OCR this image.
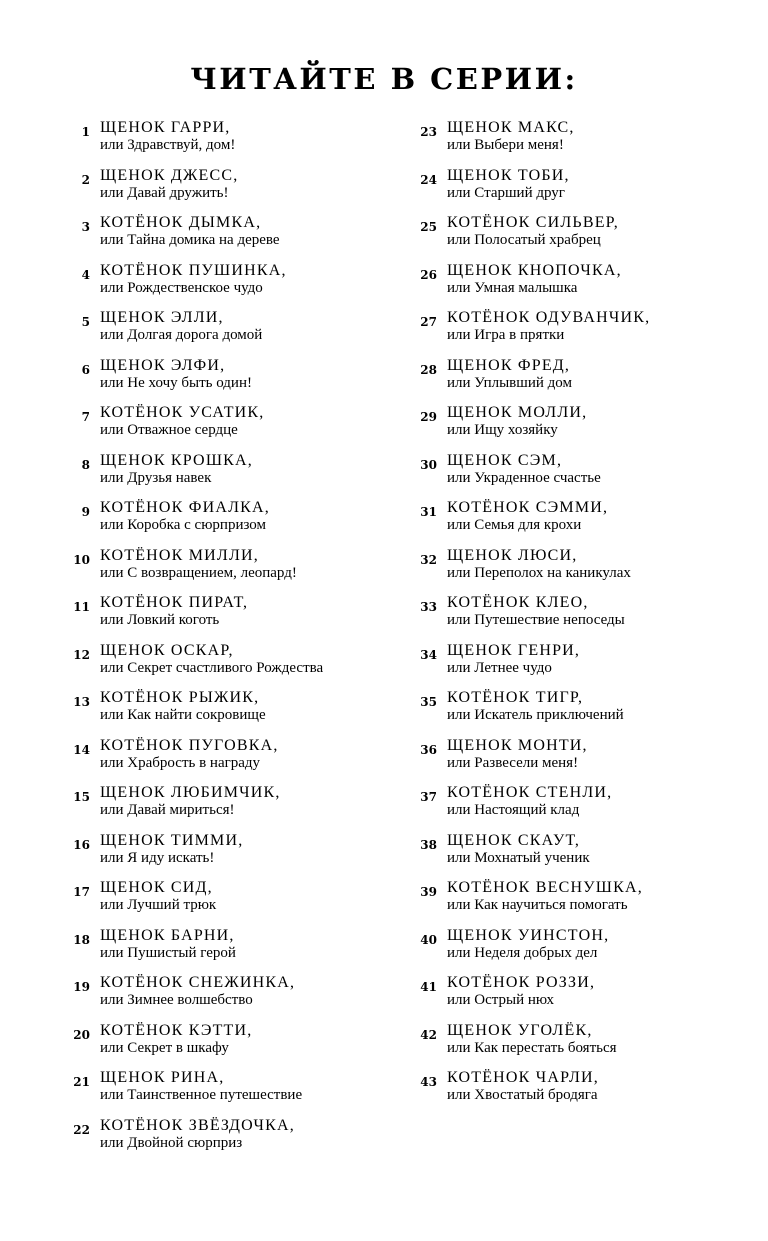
ЧИТАЙТЕ В СЕРИИ:
1 ЩЕНОК ГАРРИ,
или Здравствуй, дом!
2 ЩЕНОК ДЖЕСС,
или Давай дружить!
3 КОТЁНОК ДЫМКА,
или Тайна домика на дереве
4 КОТЁНОК ПУШИНКА,
или Рождественское чудо
5 ЩЕНОК ЭЛЛИ,
или Долгая дорога домой
6 ЩЕНОК ЭЛФИ,
или Не хочу быть один!
7 КОТЁНОК УСАТИК,
или Отважное сердце
8 ЩЕНОК КРОШКА,
или Друзья навек
9 КОТЁНОК ФИАЛКА,
или Коробка с сюрпризом
10 КОТЁНОК МИЛЛИ,
или С возвращением, леопард!
11 КОТЁНОК ПИРАТ,
или Ловкий коготь
12 ЩЕНОК ОСКАР,
или Секрет счастливого Рождества
13 КОТЁНОК РЫЖИК,
или Как найти сокровище
14 КОТЁНОК ПУГОВКА,
или Храбрость в награду
15 ЩЕНОК ЛЮБИМЧИК,
или Давай мириться!
16 ЩЕНОК ТИММИ,
или Я иду искать!
17 ЩЕНОК СИД,
или Лучший трюк
18 ЩЕНОК БАРНИ,
или Пушистый герой
19 КОТЁНОК СНЕЖИНКА,
или Зимнее волшебство
20 КОТЁНОК КЭТТИ,
или Секрет в шкафу
21 ЩЕНОК РИНА,
или Таинственное путешествие
22 КОТЁНОК ЗВЁЗДОЧКА,
или Двойной сюрприз
23 ЩЕНОК МАКС,
или Выбери меня!
24 ЩЕНОК ТОБИ,
или Старший друг
25 КОТЁНОК СИЛЬВЕР,
или Полосатый храбрец
26 ЩЕНОК КНОПОЧКА,
или Умная малышка
27 КОТЁНОК ОДУВАНЧИК,
или Игра в прятки
28 ЩЕНОК ФРЕД,
или Уплывший дом
29 ЩЕНОК МОЛЛИ,
или Ищу хозяйку
30 ЩЕНОК СЭМ,
или Украденное счастье
31 КОТЁНОК СЭММИ,
или Семья для крохи
32 ЩЕНОК ЛЮСИ,
или Переполох на каникулах
33 КОТЁНОК КЛЕО,
или Путешествие непоседы
34 ЩЕНОК ГЕНРИ,
или Летнее чудо
35 КОТЁНОК ТИГР,
или Искатель приключений
36 ЩЕНОК МОНТИ,
или Развесели меня!
37 КОТЁНОК СТЕНЛИ,
или Настоящий клад
38 ЩЕНОК СКАУТ,
или Мохнатый ученик
39 КОТЁНОК ВЕСНУШКА,
или Как научиться помогать
40 ЩЕНОК УИНСТОН,
или Неделя добрых дел
41 КОТЁНОК РОЗЗИ,
или Острый нюх
42 ЩЕНОК УГОЛЁК,
или Как перестать бояться
43 КОТЁНОК ЧАРЛИ,
или Хвостатый бродяга
